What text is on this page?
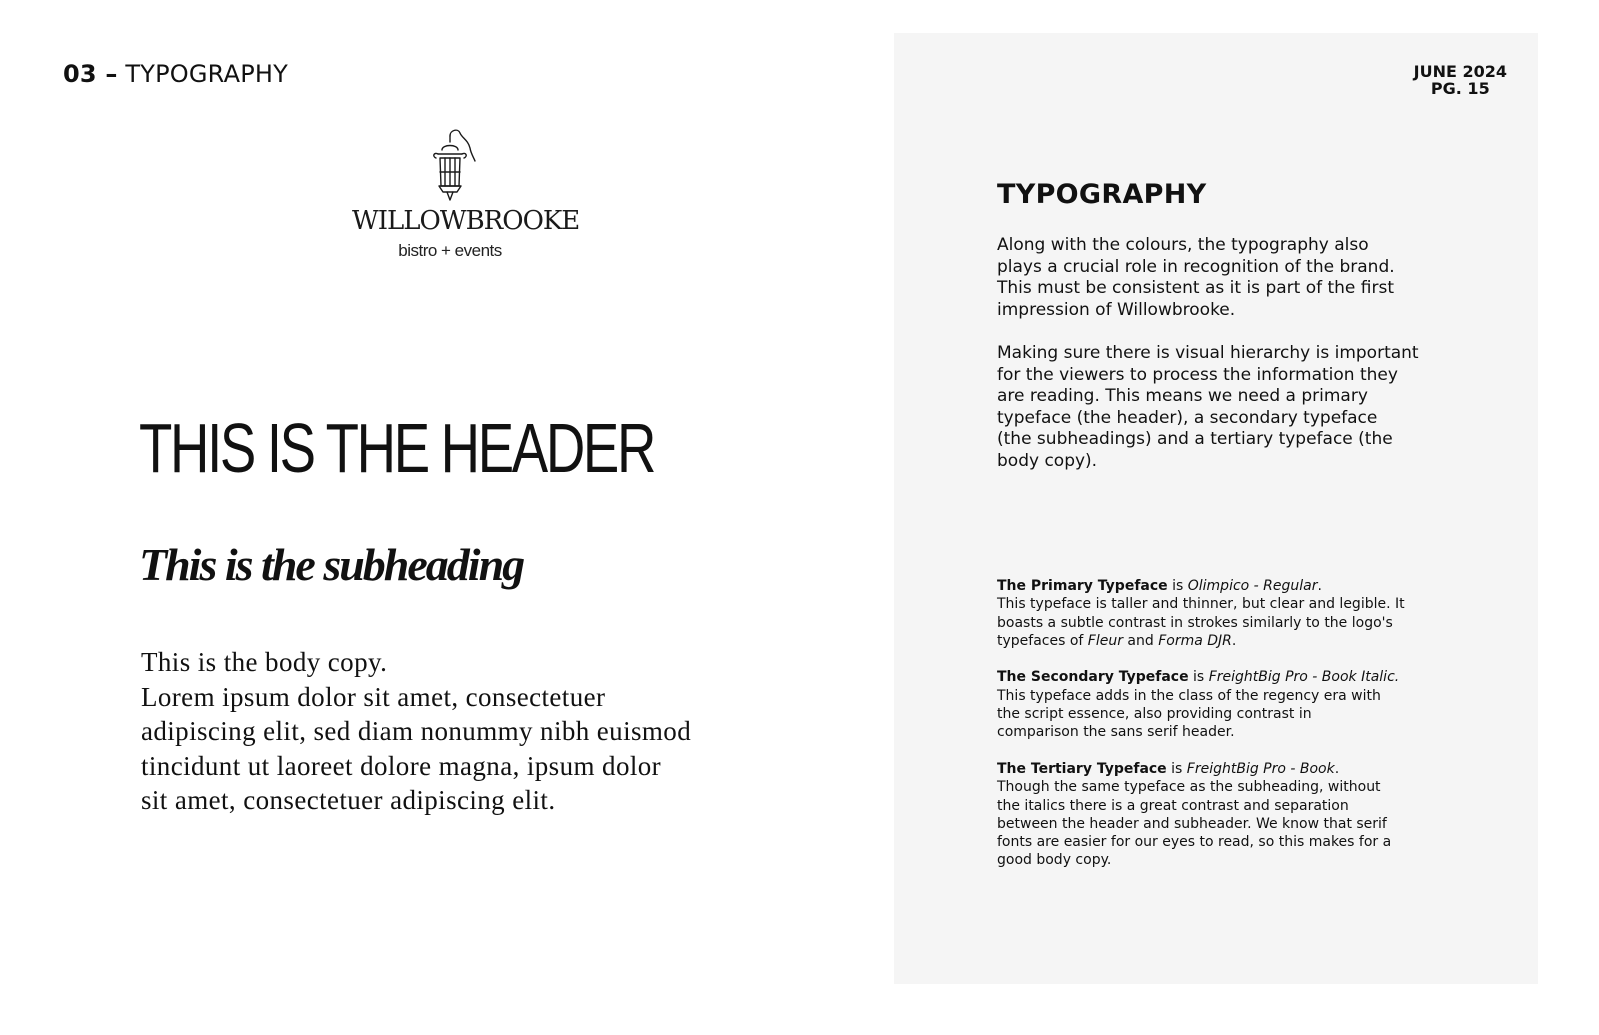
03 – TYPOGRAPHY
WILLOWBROOKE
bistro + events
THIS IS THE HEADER
This is the subheading

This is the body copy.
Lorem ipsum dolor sit amet, consectetuer
adipiscing elit, sed diam nonummy nibh euismod
tincidunt ut laoreet dolore magna, ipsum dolor
sit amet, consectetuer adipiscing elit.

JUNE 2024
PG. 15
TYPOGRAPHY

Along with the colours, the typography also
plays a crucial role in recognition of the brand.
This must be consistent as it is part of the first
impression of Willowbrooke.

Making sure there is visual hierarchy is important
for the viewers to process the information they
are reading. This means we need a primary
typeface (the header), a secondary typeface
(the subheadings) and a tertiary typeface (the
body copy).

The Primary Typeface is Olimpico - Regular.
This typeface is taller and thinner, but clear and legible. It
boasts a subtle contrast in strokes similarly to the logo's
typefaces of Fleur and Forma DJR.
The Secondary Typeface is FreightBig Pro - Book Italic.
This typeface adds in the class of the regency era with
the script essence, also providing contrast in
comparison the sans serif header.
The Tertiary Typeface is FreightBig Pro - Book.
Though the same typeface as the subheading, without
the italics there is a great contrast and separation
between the header and subheader. We know that serif
fonts are easier for our eyes to read, so this makes for a
good body copy.
